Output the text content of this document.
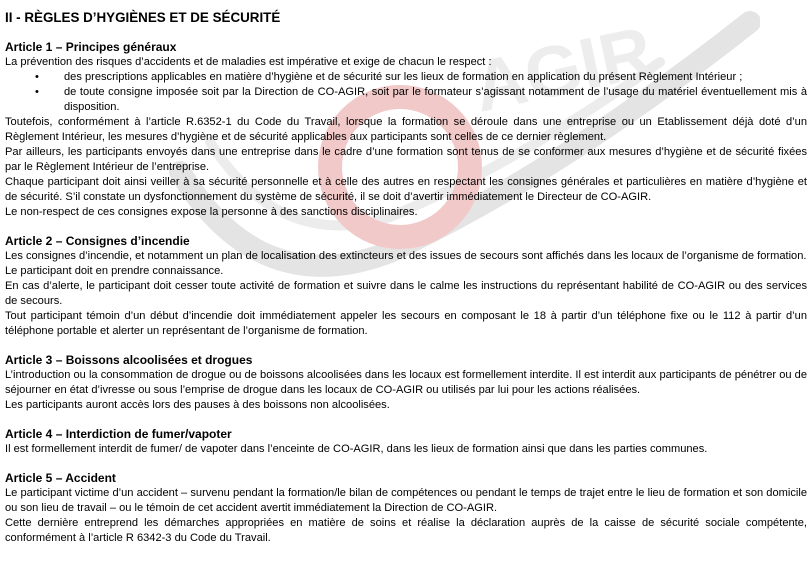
AGIR
II - RÈGLES D’HYGIÈNES ET DE SÉCURITÉ
Article 1 – Principes généraux

La prévention des risques d’accidents et de maladies est impérative et exige de chacun le respect :

• des prescriptions applicables en matière d’hygiène et de sécurité sur les lieux de formation en application du présent Règlement Intérieur ;
• de toute consigne imposée soit par la Direction de CO-AGIR, soit par le formateur s’agissant notamment de l’usage du matériel éventuellement mis à disposition.

Toutefois, conformément à l’article R.6352-1 du Code du Travail, lorsque la formation se déroule dans une entreprise ou un Etablissement déjà doté d’un Règlement Intérieur, les mesures d’hygiène et de sécurité applicables aux participants sont celles de ce dernier règlement.

Par ailleurs, les participants envoyés dans une entreprise dans le cadre d’une formation sont tenus de se conformer aux mesures d’hygiène et de sécurité fixées par le Règlement Intérieur de l’entreprise.

Chaque participant doit ainsi veiller à sa sécurité personnelle et à celle des autres en respectant les consignes générales et particulières en matière d’hygiène et de sécurité. S’il constate un dysfonctionnement du système de sécurité, il se doit d’avertir immédiatement le Directeur de CO-AGIR.

Le non-respect de ces consignes expose la personne à des sanctions disciplinaires.

Article 2 – Consignes d’incendie

Les consignes d’incendie, et notamment un plan de localisation des extincteurs et des issues de secours sont affichés dans les locaux de l’organisme de formation.

Le participant doit en prendre connaissance.

En cas d’alerte, le participant doit cesser toute activité de formation et suivre dans le calme les instructions du représentant habilité de CO-AGIR ou des services de secours.

Tout participant témoin d’un début d’incendie doit immédiatement appeler les secours en composant le 18 à partir d’un téléphone fixe ou le 112 à partir d’un téléphone portable et alerter un représentant de l’organisme de formation.

Article 3 – Boissons alcoolisées et drogues

L’introduction ou la consommation de drogue ou de boissons alcoolisées dans les locaux est formellement interdite. Il est interdit aux participants de pénétrer ou de séjourner en état d’ivresse ou sous l’emprise de drogue dans les locaux de CO-AGIR ou utilisés par lui pour les actions réalisées.

Les participants auront accès lors des pauses à des boissons non alcoolisées.

Article 4 – Interdiction de fumer/vapoter

Il est formellement interdit de fumer/ de vapoter dans l’enceinte de CO-AGIR, dans les lieux de formation ainsi que dans les parties communes.

Article 5 – Accident

Le participant victime d’un accident – survenu pendant la formation/le bilan de compétences ou pendant le temps de trajet entre le lieu de formation et son domicile ou son lieu de travail – ou le témoin de cet accident avertit immédiatement la Direction de CO-AGIR.

Cette dernière entreprend les démarches appropriées en matière de soins et réalise la déclaration auprès de la caisse de sécurité sociale compétente, conformément à l’article R 6342-3 du Code du Travail.
